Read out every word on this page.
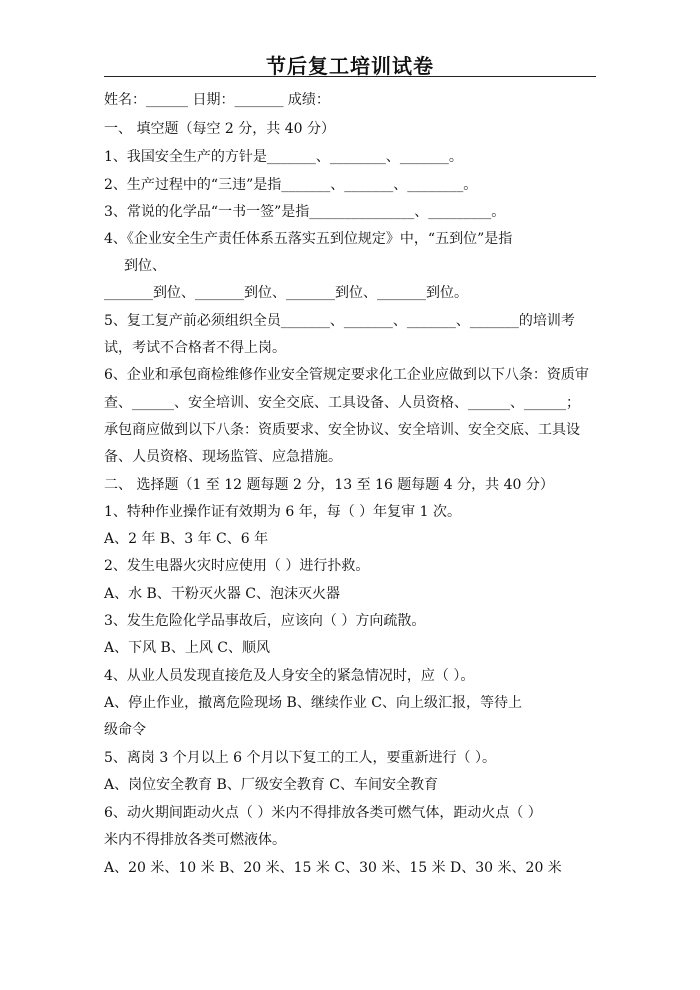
节后复工培训试卷
姓名：______ 日期：_______ 成绩：
一、 填空题（每空 2 分，共 40 分）
1、我国安全生产的方针是_______、________、_______。
2、生产过程中的“三违”是指_______、_______、________。
3、常说的化学品“一书一签”是指_______________、_________。
4、《企业安全生产责任体系五落实五到位规定》中，“五到位”是指
到位、
_______到位、_______到位、_______到位、_______到位。
5、复工复产前必须组织全员_______、_______、_______、_______的培训考
试，考试不合格者不得上岗。
6、企业和承包商检维修作业安全管规定要求化工企业应做到以下八条：资质审
查、______、安全培训、安全交底、工具设备、人员资格、______、______；
承包商应做到以下八条：资质要求、安全协议、安全培训、安全交底、工具设
备、人员资格、现场监管、应急措施。
二、 选择题（1 至 12 题每题 2 分，13 至 16 题每题 4 分，共 40 分）
1、特种作业操作证有效期为 6 年，每（ ）年复审 1 次。
A、2 年 B、3 年 C、6 年
2、发生电器火灾时应使用（ ）进行扑救。
A、水 B、干粉灭火器 C、泡沫灭火器
3、发生危险化学品事故后，应该向（ ）方向疏散。
A、下风 B、上风 C、顺风
4、从业人员发现直接危及人身安全的紧急情况时，应（ ）。
A、停止作业，撤离危险现场 B、继续作业 C、向上级汇报，等待上
级命令
5、离岗 3 个月以上 6 个月以下复工的工人，要重新进行（ ）。
A、岗位安全教育 B、厂级安全教育 C、车间安全教育
6、动火期间距动火点（ ）米内不得排放各类可燃气体，距动火点（ ）
米内不得排放各类可燃液体。
A、20 米、10 米 B、20 米、15 米 C、30 米、15 米 D、30 米、20 米
